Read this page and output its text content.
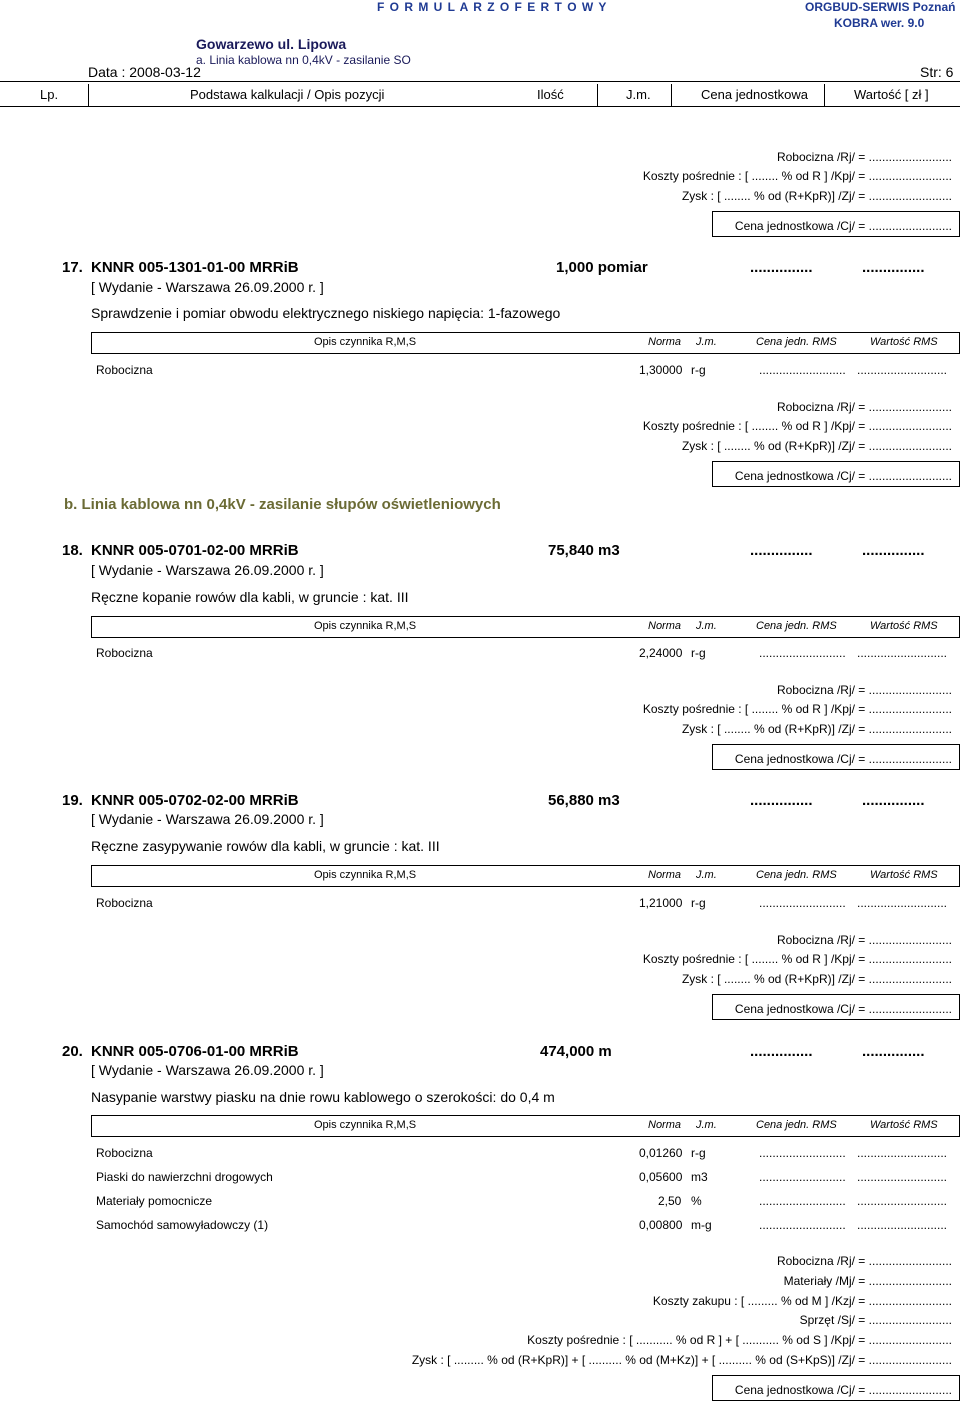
F O R M U L A R Z O F E R T O W Y	ORGBUD-SERWIS Poznań
KOBRA wer. 9.0
Gowarzewo ul. Lipowa
a. Linia kablowa nn 0,4kV - zasilanie SO
Data : 2008-03-12	Str: 6
Lp.	Podstawa kalkulacji / Opis pozycji	Ilość	J.m.	Cena jednostkowa	Wartość [ zł ]
Robocizna /Rj/ = .........................
Koszty pośrednie : [ ........ % od R ] /Kpj/ = .........................
Zysk : [ ........ % od (R+KpR)] /Zj/ = .........................
Cena jednostkowa /Cj/ = .........................
17. KNNR 005-1301-01-00 MRRiB	1,000 pomiar	...............	...............
[ Wydanie - Warszawa 26.09.2000 r. ]
Sprawdzenie i pomiar obwodu elektrycznego niskiego napięcia: 1-fazowego
Opis czynnika R,M,S	Norma J.m.	Cena jedn. RMS	Wartość RMS
Robocizna	1,30000 r-g	.......................... ...........................
Robocizna /Rj/ = .........................
Koszty pośrednie : [ ........ % od R ] /Kpj/ = .........................
Zysk : [ ........ % od (R+KpR)] /Zj/ = .........................
Cena jednostkowa /Cj/ = .........................
b. Linia kablowa nn 0,4kV - zasilanie słupów oświetleniowych
18. KNNR 005-0701-02-00 MRRiB	75,840 m3	...............	...............
[ Wydanie - Warszawa 26.09.2000 r. ]
Ręczne kopanie rowów dla kabli, w gruncie : kat. III
Opis czynnika R,M,S	Norma J.m.	Cena jedn. RMS	Wartość RMS
Robocizna	2,24000 r-g	.......................... ...........................
Robocizna /Rj/ = .........................
Koszty pośrednie : [ ........ % od R ] /Kpj/ = .........................
Zysk : [ ........ % od (R+KpR)] /Zj/ = .........................
Cena jednostkowa /Cj/ = .........................
19. KNNR 005-0702-02-00 MRRiB	56,880 m3	...............	...............
[ Wydanie - Warszawa 26.09.2000 r. ]
Ręczne zasypywanie rowów dla kabli, w gruncie : kat. III
Opis czynnika R,M,S	Norma J.m.	Cena jedn. RMS	Wartość RMS
Robocizna	1,21000 r-g	.......................... ...........................
Robocizna /Rj/ = .........................
Koszty pośrednie : [ ........ % od R ] /Kpj/ = .........................
Zysk : [ ........ % od (R+KpR)] /Zj/ = .........................
Cena jednostkowa /Cj/ = .........................
20. KNNR 005-0706-01-00 MRRiB	474,000 m	...............	...............
[ Wydanie - Warszawa 26.09.2000 r. ]
Nasypanie warstwy piasku na dnie rowu kablowego o szerokości: do 0,4 m
Opis czynnika R,M,S	Norma J.m.	Cena jedn. RMS	Wartość RMS
Robocizna	0,01260 r-g	.......................... ...........................
Piaski do nawierzchni drogowych	0,05600 m3	.......................... ...........................
Materiały pomocnicze	2,50 %	.......................... ...........................
Samochód samowyładowczy (1)	0,00800 m-g	.......................... ...........................
Robocizna /Rj/ = .........................
Materiały /Mj/ = .........................
Koszty zakupu : [ ......... % od M ] /Kzj/ = .........................
Sprzęt /Sj/ = .........................
Koszty pośrednie : [ ........... % od R ] + [ ........... % od S ] /Kpj/ = .........................
Zysk : [ ......... % od (R+KpR)] + [ .......... % od (M+Kz)] + [ .......... % od (S+KpS)] /Zj/ = .........................
Cena jednostkowa /Cj/ = .........................
